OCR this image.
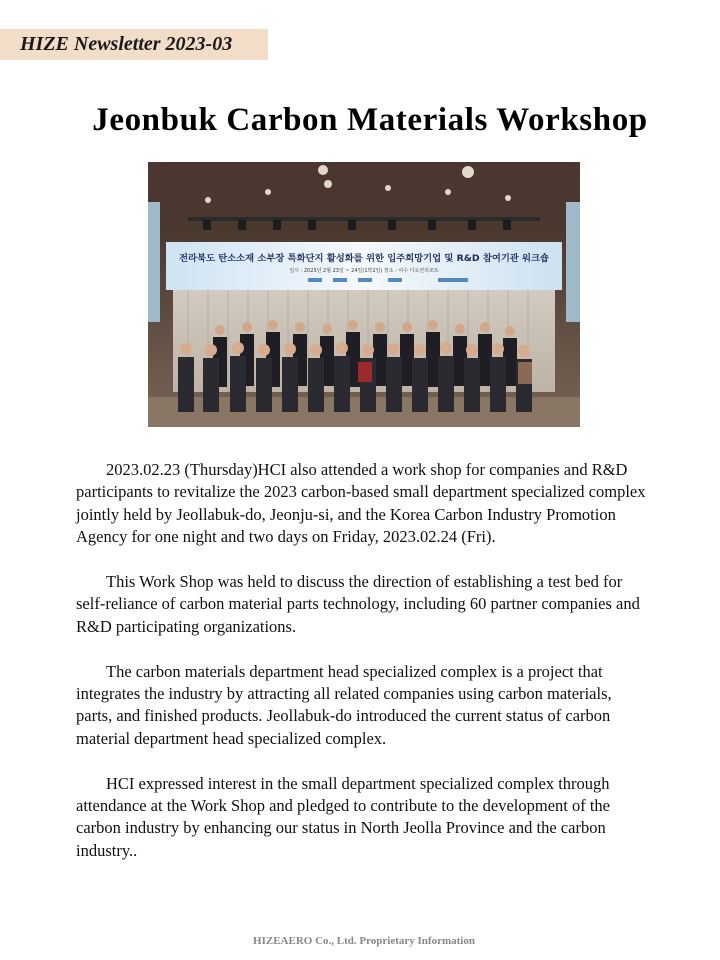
HIZE Newsletter 2023-03
Jeonbuk Carbon Materials Workshop
전라북도 탄소소재 소부장 특화단지 활성화를 위한 입주희망기업 및 R&D 참여기관 워크숍
일시 : 2023년 2월 23일 ~ 24일(1박2일) 장소 : 여수 디오션리조트

2023.02.23 (Thursday)HCI also attended a work shop for companies and R&D participants to revitalize the 2023 carbon-based small department specialized complex jointly held by Jeollabuk-do, Jeonju-si, and the Korea Carbon Industry Promotion Agency for one night and two days on Friday, 2023.02.24 (Fri).

This Work Shop was held to discuss the direction of establishing a test bed for self-reliance of carbon material parts technology, including 60 partner companies and R&D participating organizations.

The carbon materials department head specialized complex is a project that integrates the industry by attracting all related companies using carbon materials, parts, and finished products. Jeollabuk-do introduced the current status of carbon material department head specialized complex.

HCI expressed interest in the small department specialized complex through attendance at the Work Shop and pledged to contribute to the development of the carbon industry by enhancing our status in North Jeolla Province and the carbon industry..

HIZEAERO Co., Ltd. Proprietary Information
